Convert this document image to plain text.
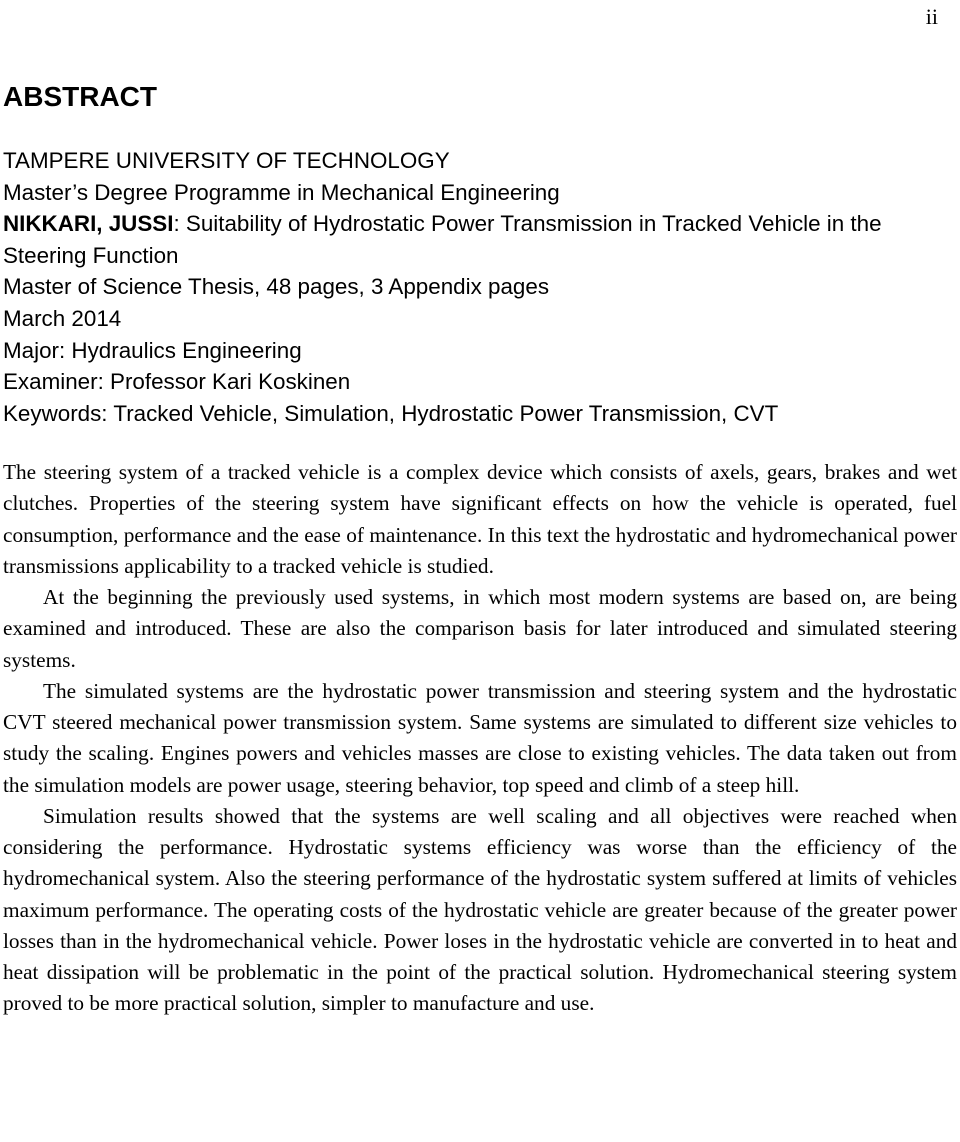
ii
ABSTRACT
TAMPERE UNIVERSITY OF TECHNOLOGY
Master’s Degree Programme in Mechanical Engineering
NIKKARI, JUSSI: Suitability of Hydrostatic Power Transmission in Tracked Vehicle in the Steering Function
Master of Science Thesis, 48 pages, 3 Appendix pages
March 2014
Major: Hydraulics Engineering
Examiner: Professor Kari Koskinen
Keywords: Tracked Vehicle, Simulation, Hydrostatic Power Transmission, CVT

The steering system of a tracked vehicle is a complex device which consists of axels, gears, brakes and wet clutches. Properties of the steering system have significant effects on how the vehicle is operated, fuel consumption, performance and the ease of maintenance. In this text the hydrostatic and hydromechanical power transmissions applicability to a tracked vehicle is studied.

At the beginning the previously used systems, in which most modern systems are based on, are being examined and introduced. These are also the comparison basis for later introduced and simulated steering systems.

The simulated systems are the hydrostatic power transmission and steering system and the hydrostatic CVT steered mechanical power transmission system. Same systems are simulated to different size vehicles to study the scaling. Engines powers and vehicles masses are close to existing vehicles. The data taken out from the simulation models are power usage, steering behavior, top speed and climb of a steep hill.

Simulation results showed that the systems are well scaling and all objectives were reached when considering the performance. Hydrostatic systems efficiency was worse than the efficiency of the hydromechanical system. Also the steering performance of the hydrostatic system suffered at limits of vehicles maximum performance. The operating costs of the hydrostatic vehicle are greater because of the greater power losses than in the hydromechanical vehicle. Power loses in the hydrostatic vehicle are converted in to heat and heat dissipation will be problematic in the point of the practical solution. Hydromechanical steering system proved to be more practical solution, simpler to manufacture and use.
